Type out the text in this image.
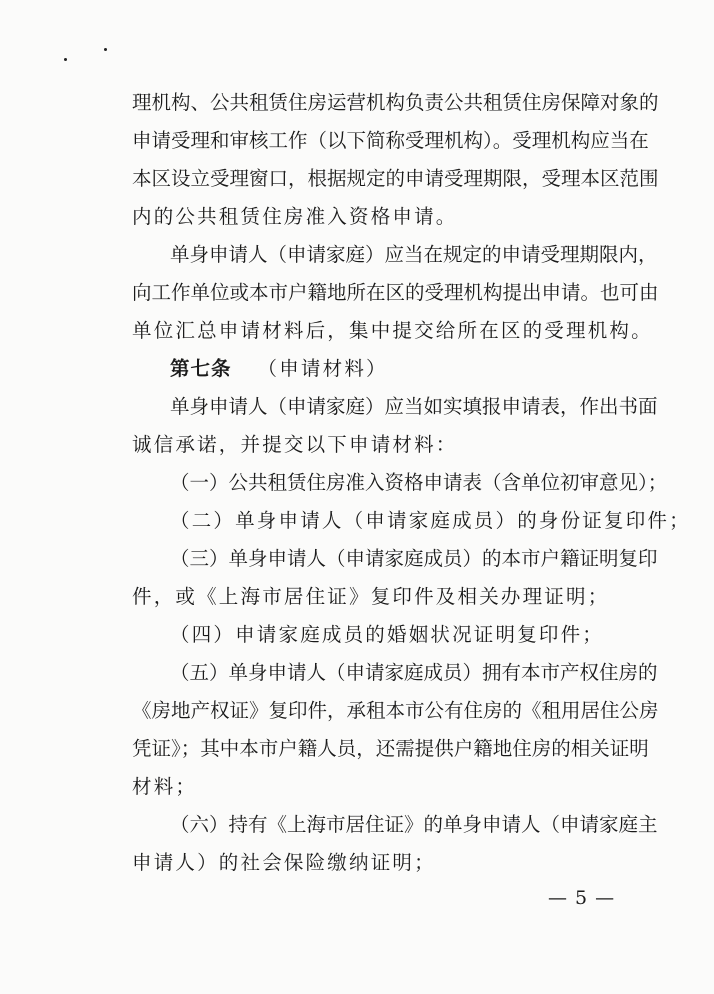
理机构、公共租赁住房运营机构负责公共租赁住房保障对象的
申请受理和审核工作（以下简称受理机构）。受理机构应当在
本区设立受理窗口，根据规定的申请受理期限，受理本区范围
内的公共租赁住房准入资格申请。
单身申请人（申请家庭）应当在规定的申请受理期限内，
向工作单位或本市户籍地所在区的受理机构提出申请。也可由
单位汇总申请材料后，集中提交给所在区的受理机构。
第七条 （申请材料）
单身申请人（申请家庭）应当如实填报申请表，作出书面
诚信承诺，并提交以下申请材料：
（一）公共租赁住房准入资格申请表（含单位初审意见）；
（二）单身申请人（申请家庭成员）的身份证复印件；
（三）单身申请人（申请家庭成员）的本市户籍证明复印
件，或《上海市居住证》复印件及相关办理证明；
（四）申请家庭成员的婚姻状况证明复印件；
（五）单身申请人（申请家庭成员）拥有本市产权住房的
《房地产权证》复印件，承租本市公有住房的《租用居住公房
凭证》；其中本市户籍人员，还需提供户籍地住房的相关证明
材料；
（六）持有《上海市居住证》的单身申请人（申请家庭主
申请人）的社会保险缴纳证明；
— 5 —
